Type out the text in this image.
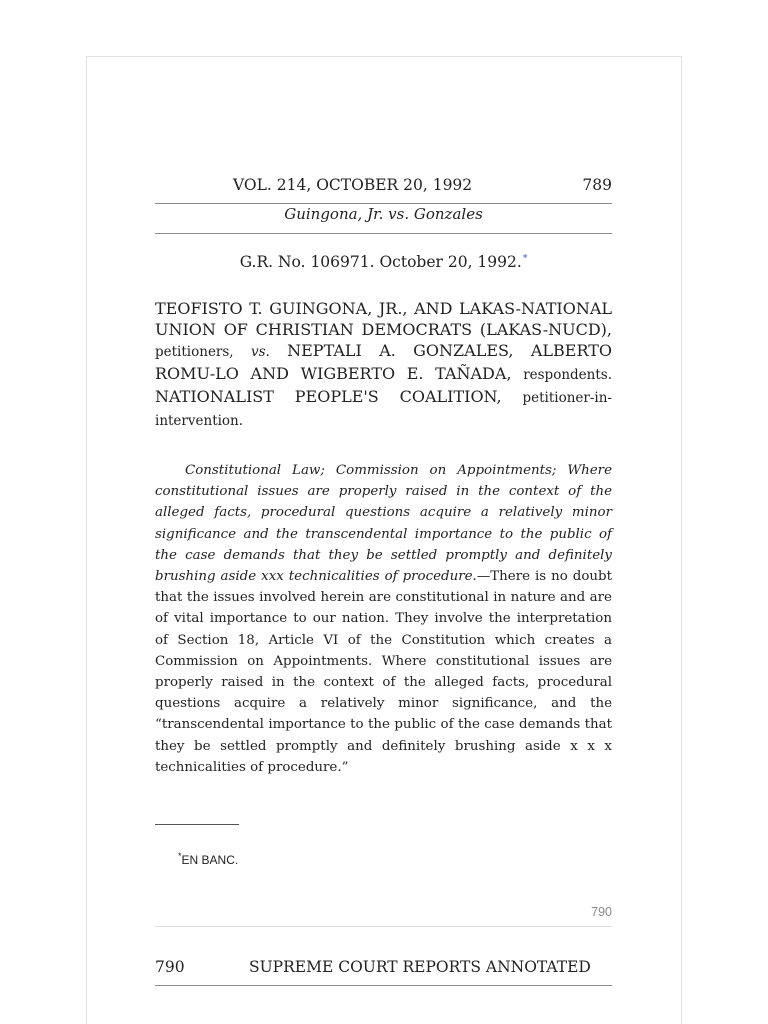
VOL. 214, OCTOBER 20, 1992	789
Guingona, Jr. vs. Gonzales
G.R. No. 106971. October 20, 1992.*
TEOFISTO T. GUINGONA, JR., AND LAKAS-NATIONAL UNION OF CHRISTIAN DEMOCRATS (LAKAS-NUCD), petitioners, vs. NEPTALI A. GONZALES, ALBERTO ROMU-LO AND WIGBERTO E. TAÑADA, respondents. NATIONALIST PEOPLE'S COALITION, petitioner-in-intervention.

Constitutional Law; Commission on Appointments; Where constitutional issues are properly raised in the context of the alleged facts, procedural questions acquire a relatively minor significance and the transcendental importance to the public of the case demands that they be settled promptly and definitely brushing aside xxx technicalities of procedure.—There is no doubt that the issues involved herein are constitutional in nature and are of vital importance to our nation. They involve the interpretation of Section 18, Article VI of the Constitution which creates a Commission on Appointments. Where constitutional issues are properly raised in the context of the alleged facts, procedural questions acquire a relatively minor significance, and the “transcendental importance to the public of the case demands that they be settled promptly and definitely brushing aside x x x technicalities of procedure.”

*EN BANC.
790
790	SUPREME COURT REPORTS ANNOTATED
